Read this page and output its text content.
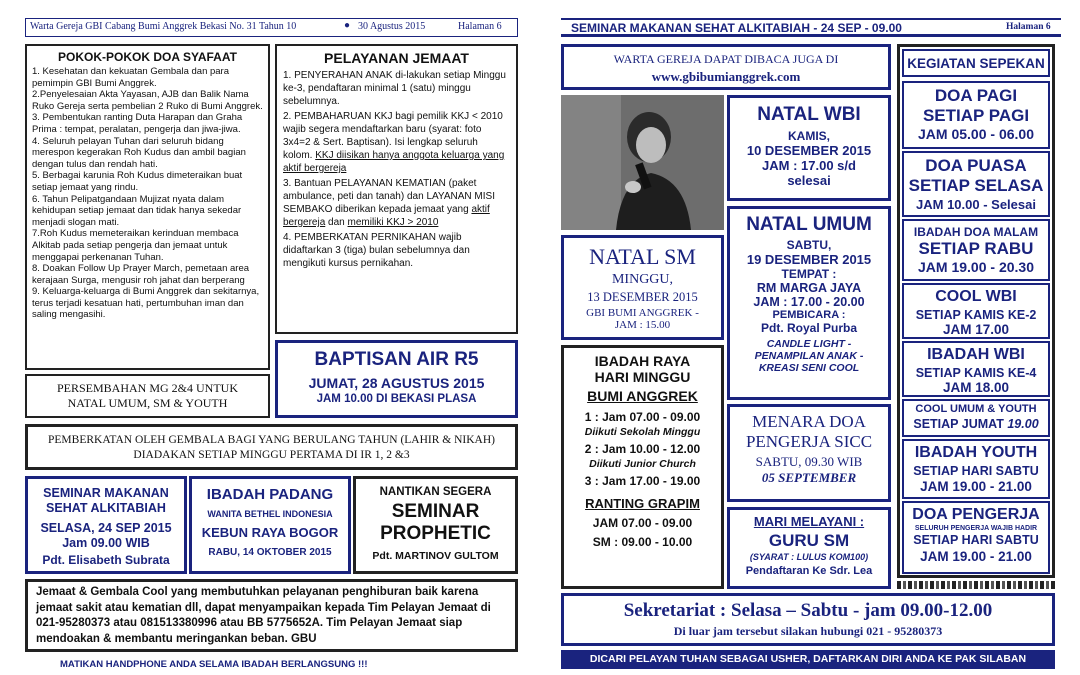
Warta Gereja GBI Cabang Bumi Anggrek Bekasi No. 31 Tahun 10	● 30 Agustus 2015	Halaman 6
POKOK-POKOK DOA SYAFAAT
1. Kesehatan dan kekuatan Gembala dan para pemimpin GBI Bumi Anggrek.
2.Penyelesaian Akta Yayasan, AJB dan Balik Nama Ruko Gereja serta pembelian 2 Ruko di Bumi Anggrek.
3. Pembentukan ranting Duta Harapan dan Graha Prima : tempat, peralatan, pengerja dan jiwa-jiwa.
4. Seluruh pelayan Tuhan dari seluruh bidang merespon kegerakan Roh Kudus dan ambil bagian dengan tulus dan rendah hati.
5. Berbagai karunia Roh Kudus dimeteraikan buat setiap jemaat yang rindu.
6. Tahun Pelipatgandaan Mujizat nyata dalam kehidupan setiap jemaat dan tidak hanya sekedar menjadi slogan mati.
7.Roh Kudus memeteraikan kerinduan membaca Alkitab pada setiap pengerja dan jemaat untuk menggapai perkenanan Tuhan.
8. Doakan Follow Up Prayer March, pemetaan area kerajaan Surga, mengusir roh jahat dan berperang
9. Keluarga-keluarga di Bumi Anggrek dan sekitarnya, terus terjadi kesatuan hati, pertumbuhan iman dan saling mengasihi.
PELAYANAN JEMAAT
1. PENYERAHAN ANAK di-lakukan setiap Minggu ke-3, pendaftaran minimal 1 (satu) minggu sebelumnya.
2. PEMBAHARUAN KKJ bagi pemilik KKJ < 2010 wajib segera mendaftarkan baru (syarat: foto 3x4=2 & Sert. Baptisan). Isi lengkap seluruh kolom. KKJ diisikan hanya anggota keluarga yang aktif bergereja
3. Bantuan PELAYANAN KEMATIAN (paket ambulance, peti dan tanah) dan LAYANAN MISI SEMBAKO diberikan kepada jemaat yang aktif bergereja dan memiliki KKJ > 2010
4. PEMBERKATAN PERNIKAHAN wajib didaftarkan 3 (tiga) bulan sebelumnya dan mengikuti kursus pernikahan.
PERSEMBAHAN MG 2&4 UNTUK NATAL UMUM, SM & YOUTH
BAPTISAN AIR R5
JUMAT, 28 AGUSTUS 2015
JAM 10.00 DI BEKASI PLASA
PEMBERKATAN OLEH GEMBALA BAGI YANG BERULANG TAHUN (LAHIR & NIKAH) DIADAKAN SETIAP MINGGU PERTAMA DI IR 1, 2 &3
SEMINAR MAKANAN
SEHAT ALKITABIAH
SELASA, 24 SEP 2015
Jam 09.00 WIB
Pdt. Elisabeth Subrata
IBADAH PADANG
WANITA BETHEL INDONESIA
KEBUN RAYA BOGOR
RABU, 14 OKTOBER 2015
NANTIKAN SEGERA
SEMINAR
PROPHETIC
Pdt. MARTINOV GULTOM
Jemaat & Gembala Cool yang membutuhkan pelayanan penghiburan baik karena jemaat sakit atau kematian dll, dapat menyampaikan kepada Tim Pelayan Jemaat di 021-95280373 atau 081513380996 atau BB 5775652A. Tim Pelayan Jemaat siap mendoakan & membantu meringankan beban. GBU
MATIKAN HANDPHONE ANDA SELAMA IBADAH BERLANGSUNG !!!
SEMINAR MAKANAN SEHAT ALKITABIAH - 24 SEP - 09.00	Halaman 6
WARTA GEREJA DAPAT DIBACA JUGA DI
www.gbibumianggrek.com
NATAL WBI
KAMIS,
10 DESEMBER 2015
JAM : 17.00 s/d
selesai
NATAL SM
MINGGU,
13 DESEMBER 2015
GBI BUMI ANGGREK -
JAM : 15.00
NATAL UMUM
SABTU,
19 DESEMBER 2015
TEMPAT :
RM MARGA JAYA
JAM : 17.00 - 20.00
PEMBICARA :
Pdt. Royal Purba
CANDLE LIGHT -
PENAMPILAN ANAK -
KREASI SENI COOL
IBADAH RAYA
HARI MINGGU
BUMI ANGGREK
1 : Jam 07.00 - 09.00
Diikuti Sekolah Minggu
2 : Jam 10.00 - 12.00
Diikuti Junior Church
3 : Jam 17.00 - 19.00
RANTING GRAPIM
JAM 07.00 - 09.00
SM : 09.00 - 10.00
MENARA DOA
PENGERJA SICC
SABTU, 09.30 WIB
05 SEPTEMBER
MARI MELAYANI :
GURU SM
(SYARAT : LULUS KOM100)
Pendaftaran Ke Sdr. Lea
KEGIATAN SEPEKAN
DOA PAGI
SETIAP PAGI
JAM 05.00 - 06.00
DOA PUASA
SETIAP SELASA
JAM 10.00 - Selesai
IBADAH DOA MALAM
SETIAP RABU
JAM 19.00 - 20.30
COOL WBI
SETIAP KAMIS KE-2
JAM 17.00
IBADAH WBI
SETIAP KAMIS KE-4
JAM 18.00
COOL UMUM & YOUTH
SETIAP JUMAT 19.00
IBADAH YOUTH
SETIAP HARI SABTU
JAM 19.00 - 21.00
DOA PENGERJA
SELURUH PENGERJA WAJIB HADIR
SETIAP HARI SABTU
JAM 19.00 - 21.00
Sekretariat : Selasa – Sabtu - jam 09.00-12.00
Di luar jam tersebut silakan hubungi 021 - 95280373
DICARI PELAYAN TUHAN SEBAGAI USHER, DAFTARKAN DIRI ANDA KE PAK SILABAN
